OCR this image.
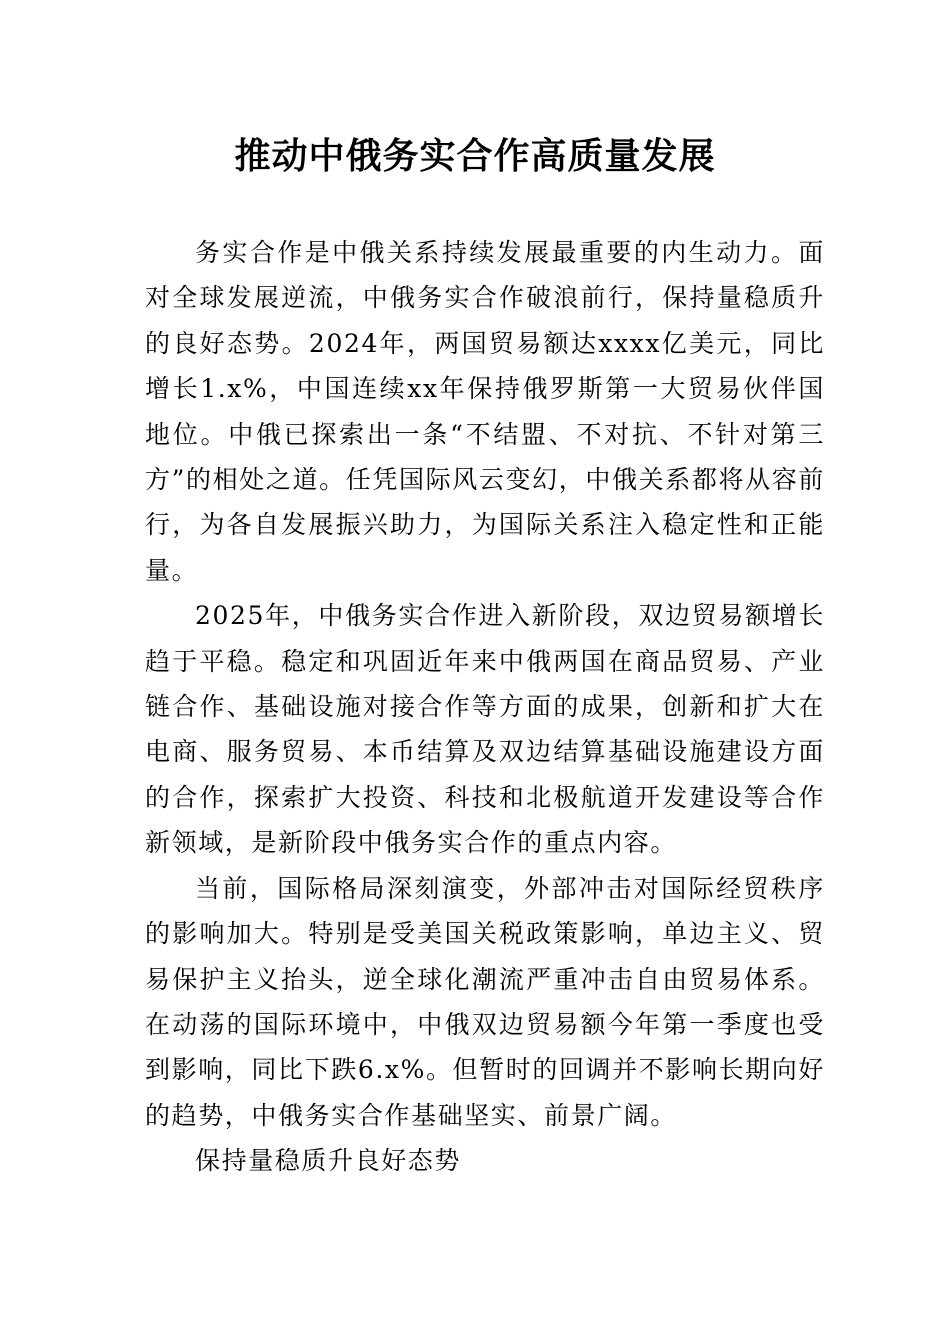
推动中俄务实合作高质量发展

务实合作是中俄关系持续发展最重要的内生动力。面对全球发展逆流，中俄务实合作破浪前行，保持量稳质升的良好态势。2024年，两国贸易额达xxxx亿美元，同比增长1.x%，中国连续xx年保持俄罗斯第一大贸易伙伴国地位。中俄已探索出一条“不结盟、不对抗、不针对第三方”的相处之道。任凭国际风云变幻，中俄关系都将从容前行，为各自发展振兴助力，为国际关系注入稳定性和正能量。

2025年，中俄务实合作进入新阶段，双边贸易额增长趋于平稳。稳定和巩固近年来中俄两国在商品贸易、产业链合作、基础设施对接合作等方面的成果，创新和扩大在电商、服务贸易、本币结算及双边结算基础设施建设方面的合作，探索扩大投资、科技和北极航道开发建设等合作新领域，是新阶段中俄务实合作的重点内容。

当前，国际格局深刻演变，外部冲击对国际经贸秩序的影响加大。特别是受美国关税政策影响，单边主义、贸易保护主义抬头，逆全球化潮流严重冲击自由贸易体系。在动荡的国际环境中，中俄双边贸易额今年第一季度也受到影响，同比下跌6.x%。但暂时的回调并不影响长期向好的趋势，中俄务实合作基础坚实、前景广阔。

保持量稳质升良好态势
